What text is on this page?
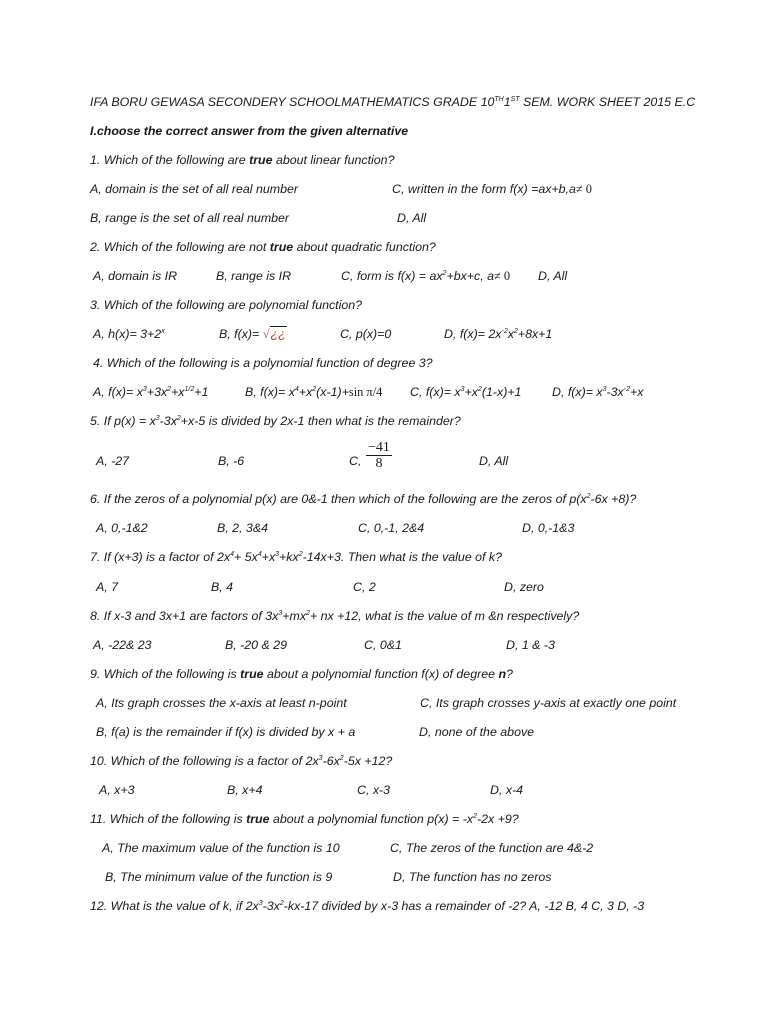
IFA BORU GEWASA SECONDERY SCHOOLMATHEMATICS GRADE 10TH1ST SEM. WORK SHEET 2015 E.C
I.choose the correct answer from the given alternative
1. Which of the following are true about linear function?
A, domain is the set of all real number	C, written in the form f(x) =ax+b,a≠ 0
B, range is the set of all real number	D, All
2. Which of the following are not true about quadratic function?
A, domain is IR	B, range is IR	C, form is $f(x) = ax^2+bx+c$, a≠ 0 D, All
3. Which of the following are polynomial function?
A, $h(x)= 3+2^x$	B, f(x)= √¿¿	C, p(x)=0	D, $f(x)= 2x^{-2}x^2+8x+1$
4. Which of the following is a polynomial function of degree 3?
A, $f(x)= x^3+3x^2+x^{1/2}+1$	B, $f(x)= x^4+x^2(x-1)+\sin$ π/4 C, $f(x)= x^3+x^2(1-x)+1$ D, $f(x)= x^3-3x^{-2}+x$
5. If $p(x) = x^3-3x^2+x-5$ is divided by 2x-1 then what is the remainder?
A, -27	B, -6	C, $\frac{-41}{8}$	D, All
6. If the zeros of a polynomial p(x) are 0&-1 then which of the following are the zeros of $p(x^2-6x +8)$?
A, 0,-1&2	B, 2, 3&4	C, 0,-1, 2&4	D, 0,-1&3
7. If (x+3) is a factor of $2x^4+ 5x^4+x^3+kx^2-14x+3$. Then what is the value of k?
A, 7	B, 4	C, 2	D, zero
8. If x-3 and 3x+1 are factors of $3x^3+mx^2+$ nx +12, what is the value of m &n respectively?
A, -22& 23	B, -20 & 29	C, 0&1	D, 1 & -3
9. Which of the following is true about a polynomial function f(x) of degree n?
A, Its graph crosses the x-axis at least n-point	C, Its graph crosses y-axis at exactly one point
B, f(a) is the remainder if f(x) is divided by x + a	D, none of the above
10. Which of the following is a factor of $2x^3-6x^2-5x +12$?
A, x+3	B, x+4	C, x-3	D, x-4
11. Which of the following is true about a polynomial function $p(x) = -x^2-2x +9$?
A, The maximum value of the function is 10	C, The zeros of the function are 4&-2
B, The minimum value of the function is 9	D, The function has no zeros
12. What is the value of k, if $2x^3-3x^2-kx-17$ divided by x-3 has a remainder of -2? A, -12 B, 4 C, 3 D, -3
